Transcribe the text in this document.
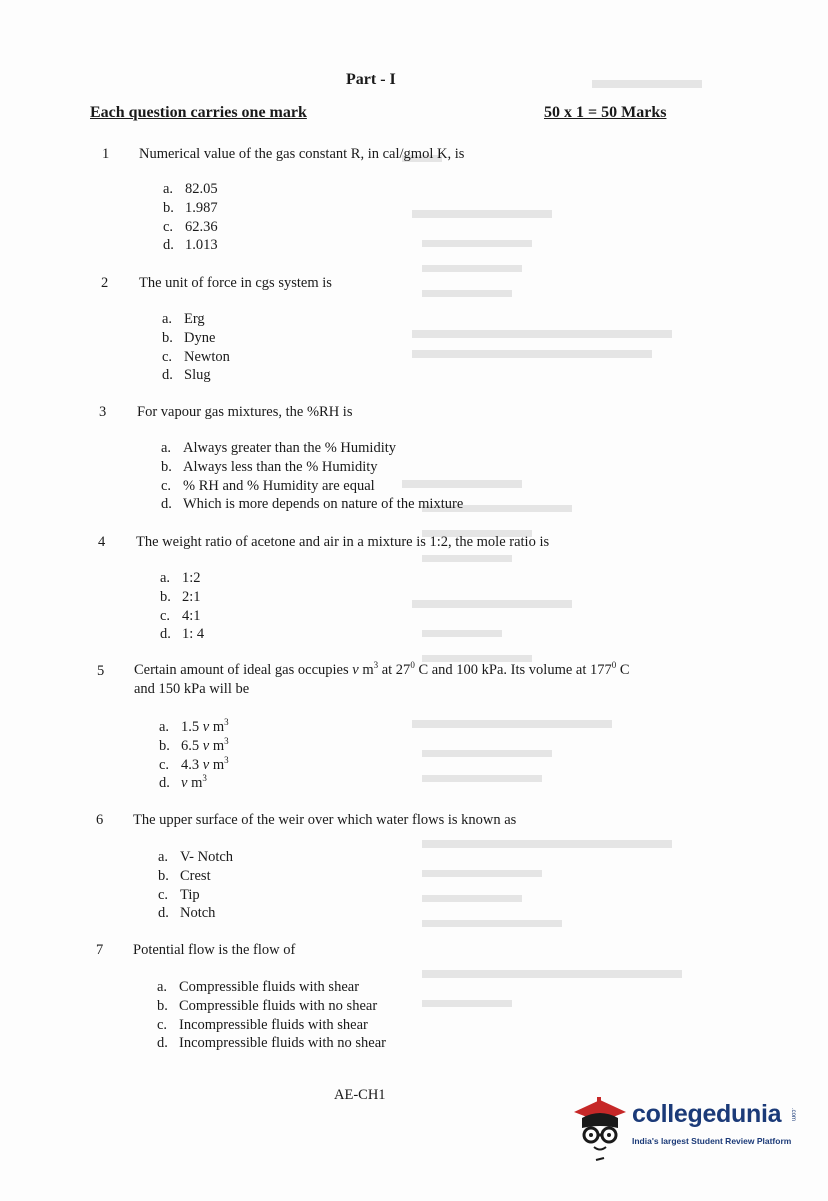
Part - I
Each question carries one mark	50 x 1 = 50 Marks
1 Numerical value of the gas constant R, in cal/gmol K, is
a. 82.05
b. 1.987
c. 62.36
d. 1.013
2 The unit of force in cgs system is
a. Erg
b. Dyne
c. Newton
d. Slug
3 For vapour gas mixtures, the %RH is
a. Always greater than the % Humidity
b. Always less than the % Humidity
c. % RH and % Humidity are equal
d. Which is more depends on nature of the mixture
4 The weight ratio of acetone and air in a mixture is 1:2, the mole ratio is
a. 1:2
b. 2:1
c. 4:1
d. 1: 4
5 Certain amount of ideal gas occupies v $m^3$ at $27^0$ C and 100 kPa. Its volume at $177^0$ C
and 150 kPa will be
a. 1.5 v $m^3$
b. 6.5 v $m^3$
c. 4.3 v $m^3$
d. v $m^3$
6 The upper surface of the weir over which water flows is known as
a. V- Notch
b. Crest
c. Tip
d. Notch
7 Potential flow is the flow of
a. Compressible fluids with shear
b. Compressible fluids with no shear
c. Incompressible fluids with shear
d. Incompressible fluids with no shear
AE-CH1
collegedunia .com
India's largest Student Review Platform
